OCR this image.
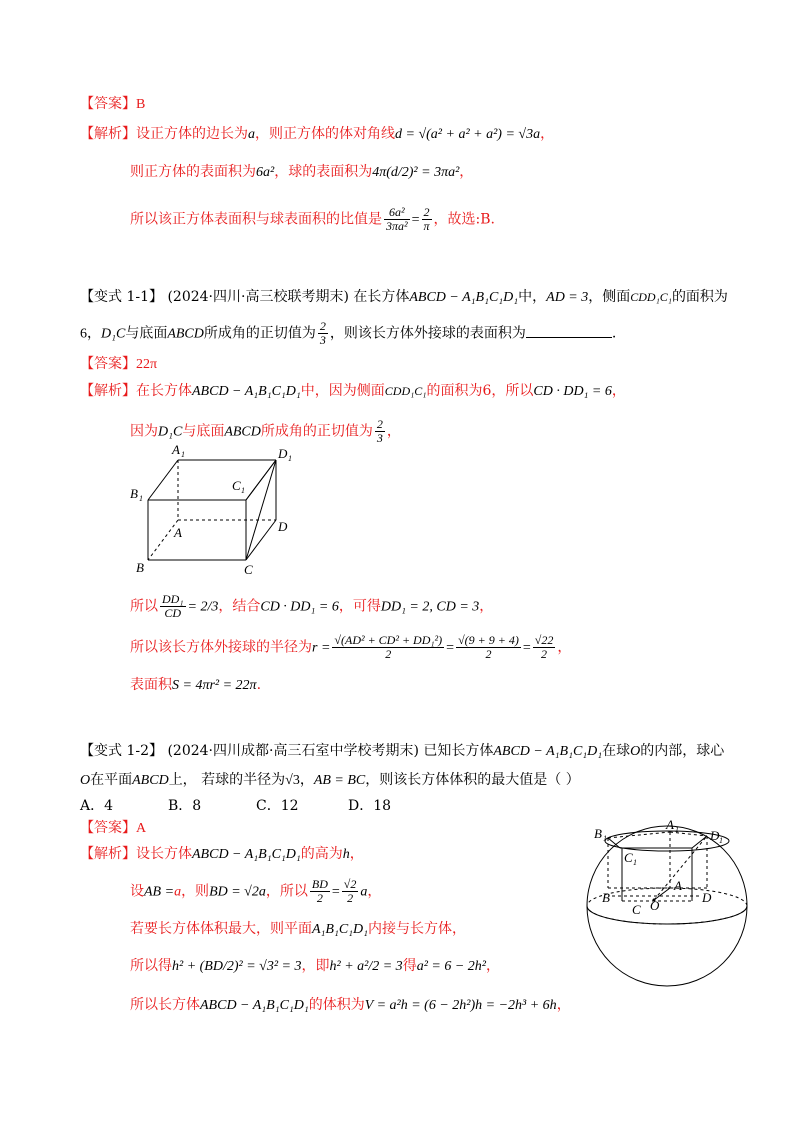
【答案】B
【解析】设正方体的边长为a，则正方体的体对角线d = √(a² + a² + a²) = √3a，
则正方体的表面积为6a²，球的表面积为4π(d/2)² = 3πa²，
所以该正方体表面积与球表面积的比值是 $\frac{\text{6a²}}{\text{3πa²}} = \frac{2}{\pi}$ ，故选:B.
【变式 1-1】 (2024·四川·高三校联考期末) 在长方体ABCD − A₁B₁C₁D₁中，AD = 3，侧面CDD₁C₁的面积为
6，D₁C与底面ABCD所成角的正切值为 $\frac{2}{3}$ ，则该长方体外接球的表面积为	.
【答案】22π
【解析】在长方体ABCD − A₁B₁C₁D₁中，因为侧面CDD₁C₁的面积为6，所以CD · DD₁ = 6，
因为D₁C与底面ABCD所成角的正切值为 $\frac{2}{3}$ ，
A 1	D 1
B 1
C 1
A	D
B	C
所以 $\frac{\text{DD₁}}{CD} = 2/3$，结合CD · DD₁ = 6，可得DD₁ = 2, CD = 3，
所以该长方体外接球的半径为$r = \frac{\text{√(AD² + CD² + DD₁²)}}{2} = \frac{√(9 + 9 + 4)}{2} = \frac{√22}{2}$ ，
表面积S = 4πr² = 22π.
【变式 1-2】 (2024·四川成都·高三石室中学校考期末) 已知长方体ABCD − A₁B₁C₁D₁在球O的内部，球心
O在平面ABCD上， 若球的半径为√3，AB = BC，则该长方体体积的最大值是（ ）
A．4	B．8	C．12	D．18
【答案】A
【解析】设长方体ABCD − A₁B₁C₁D₁的高为h，
设AB =a，则BD = √2a，所以 $\frac{BD}{2} = \frac{√2}{2}$ a，
若要长方体体积最大，则平面A₁B₁C₁D₁内接与长方体，
所以得h² + (BD/2)² = √3² = 3，即h² + a²/2 = 3得a² = 6 − 2h²，
所以长方体ABCD − A₁B₁C₁D₁的体积为V = a²h = (6 − 2h²)h = −2h³ + 6h，
B 1
A 1 D 1
C 1
A
B
C O
D
